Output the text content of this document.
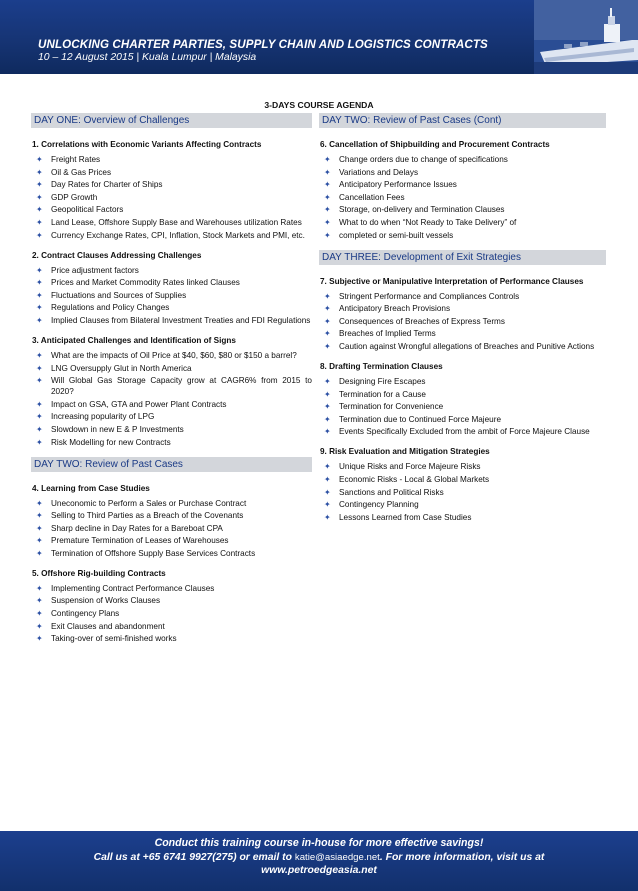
UNLOCKING CHARTER PARTIES, SUPPLY CHAIN AND LOGISTICS CONTRACTS
10 – 12 August 2015 | Kuala Lumpur | Malaysia
3-DAYS COURSE AGENDA
DAY ONE: Overview of Challenges
1. Correlations with Economic Variants Affecting Contracts
✦ Freight Rates
✦ Oil & Gas Prices
✦ Day Rates for Charter of Ships
✦ GDP Growth
✦ Geopolitical Factors
✦ Land Lease, Offshore Supply Base and Warehouses utilization Rates
✦ Currency Exchange Rates, CPI, Inflation, Stock Markets and PMI, etc.
2. Contract Clauses Addressing Challenges
✦ Price adjustment factors
✦ Prices and Market Commodity Rates linked Clauses
✦ Fluctuations and Sources of Supplies
✦ Regulations and Policy Changes
✦ Implied Clauses from Bilateral Investment Treaties and FDI Regulations
3. Anticipated Challenges and Identification of Signs
✦ What are the impacts of Oil Price at $40, $60, $80 or $150 a barrel?
✦ LNG Oversupply Glut in North America
✦ Will Global Gas Storage Capacity grow at CAGR6% from 2015 to 2020?
✦ Impact on GSA, GTA and Power Plant Contracts
✦ Increasing popularity of LPG
✦ Slowdown in new E & P Investments
✦ Risk Modelling for new Contracts
DAY TWO: Review of Past Cases
4. Learning from Case Studies
✦ Uneconomic to Perform a Sales or Purchase Contract
✦ Selling to Third Parties as a Breach of the Covenants
✦ Sharp decline in Day Rates for a Bareboat CPA
✦ Premature Termination of Leases of Warehouses
✦ Termination of Offshore Supply Base Services Contracts
5. Offshore Rig-building Contracts
✦ Implementing Contract Performance Clauses
✦ Suspension of Works Clauses
✦ Contingency Plans
✦ Exit Clauses and abandonment
✦ Taking-over of semi-finished works
DAY TWO: Review of Past Cases (Cont)
6. Cancellation of Shipbuilding and Procurement Contracts
✦ Change orders due to change of specifications
✦ Variations and Delays
✦ Anticipatory Performance Issues
✦ Cancellation Fees
✦ Storage, on-delivery and Termination Clauses
✦ What to do when “Not Ready to Take Delivery” of
✦ completed or semi-built vessels
DAY THREE: Development of Exit Strategies
7. Subjective or Manipulative Interpretation of Performance Clauses
✦ Stringent Performance and Compliances Controls
✦ Anticipatory Breach Provisions
✦ Consequences of Breaches of Express Terms
✦ Breaches of Implied Terms
✦ Caution against Wrongful allegations of Breaches and Punitive Actions
8. Drafting Termination Clauses
✦ Designing Fire Escapes
✦ Termination for a Cause
✦ Termination for Convenience
✦ Termination due to Continued Force Majeure
✦ Events Specifically Excluded from the ambit of Force Majeure Clause
9. Risk Evaluation and Mitigation Strategies
✦ Unique Risks and Force Majeure Risks
✦ Economic Risks - Local & Global Markets
✦ Sanctions and Political Risks
✦ Contingency Planning
✦ Lessons Learned from Case Studies
Conduct this training course in-house for more effective savings!
Call us at +65 6741 9927(275) or email to katie@asiaedge.net. For more information, visit us at
www.petroedgeasia.net
